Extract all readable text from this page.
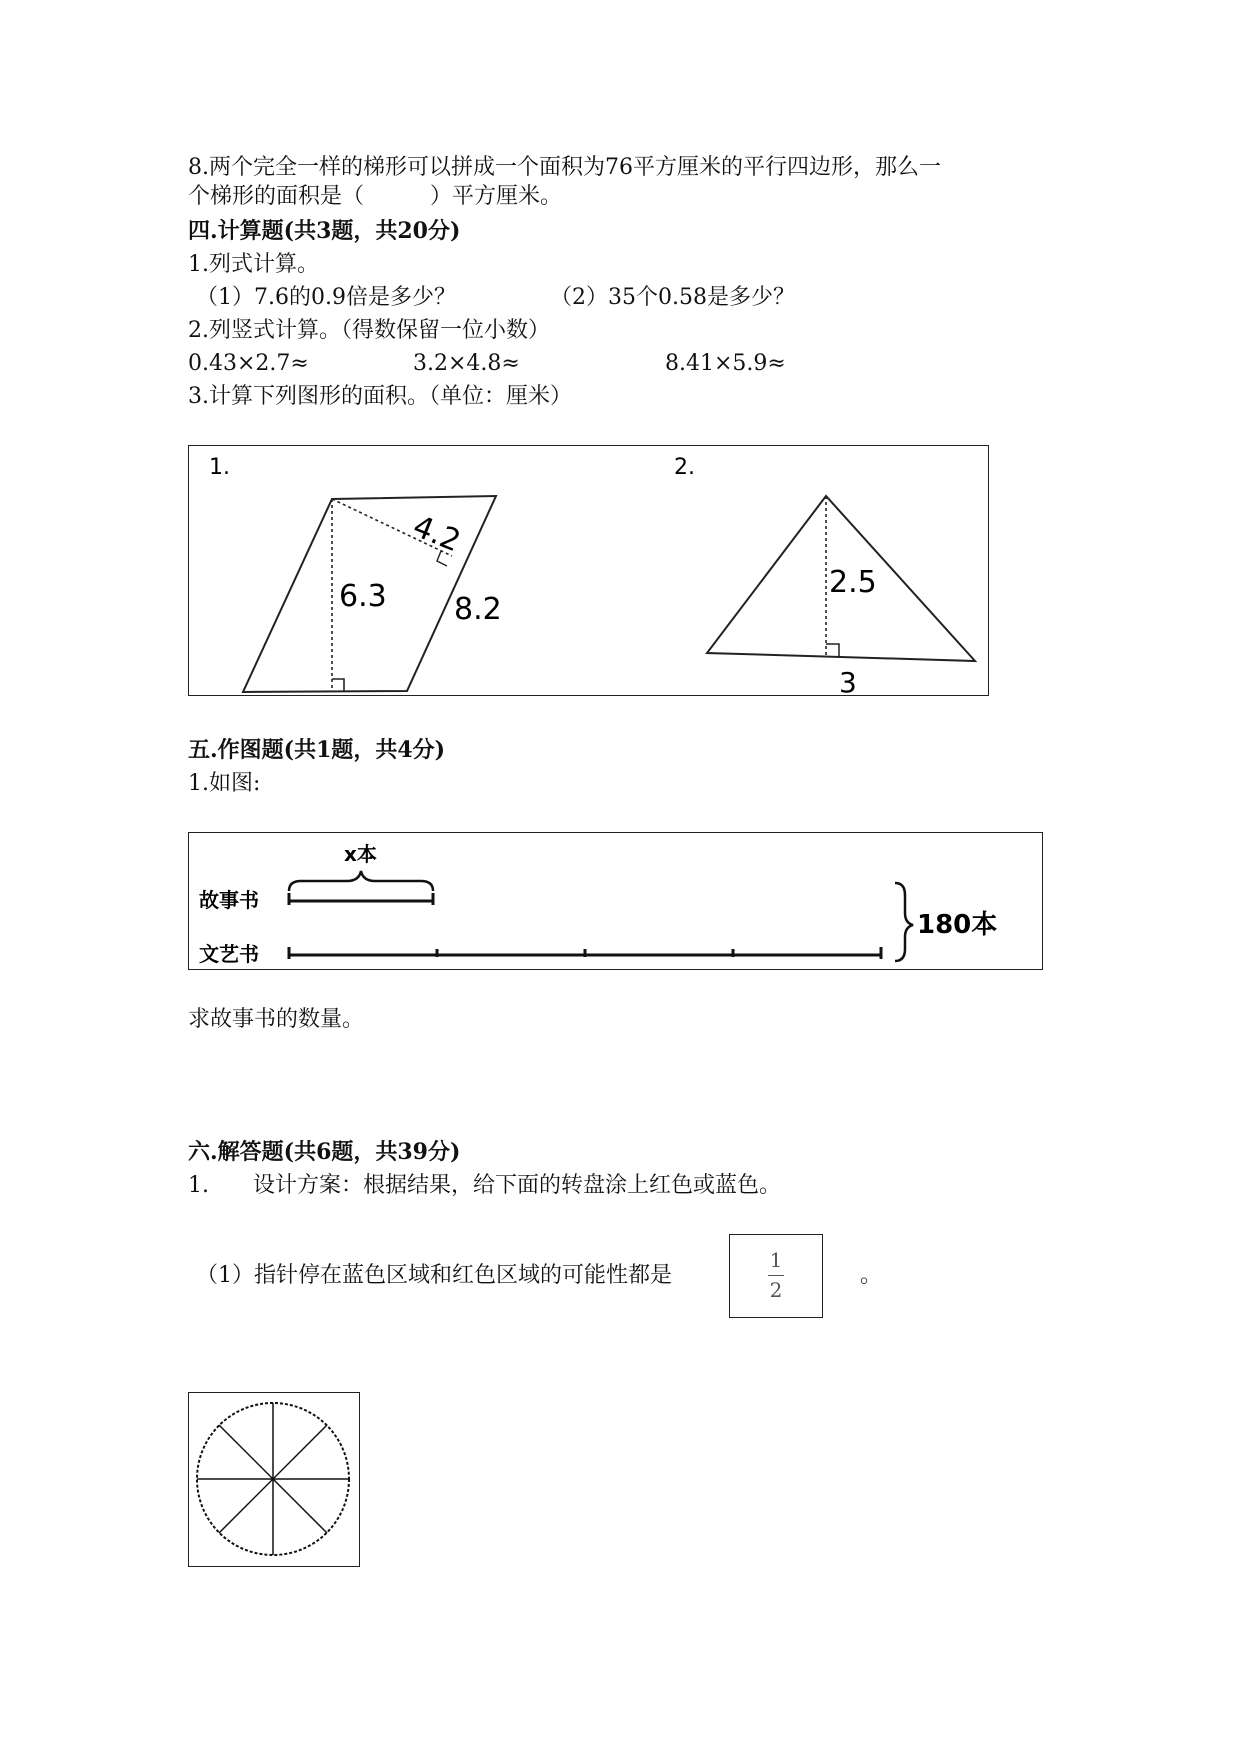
8.两个完全一样的梯形可以拼成一个面积为76平方厘米的平行四边形，那么一
个梯形的面积是（　　　）平方厘米。
四.计算题(共3题，共20分)
1.列式计算。
（1）7.6的0.9倍是多少？	（2）35个0.58是多少？
2.列竖式计算。（得数保留一位小数）
0.43×2.7≈	3.2×4.8≈	8.41×5.9≈
3.计算下列图形的面积。（单位：厘米）
1.	2.
4.2
6.3 8.2
2.5
3
五.作图题(共1题，共4分)
1.如图:
x本
故事书
文艺书
180本
求故事书的数量。
六.解答题(共6题，共39分)
1.　　设计方案：根据结果，给下面的转盘涂上红色或蓝色。
（1）指针停在蓝色区域和红色区域的可能性都是
1
2
。
